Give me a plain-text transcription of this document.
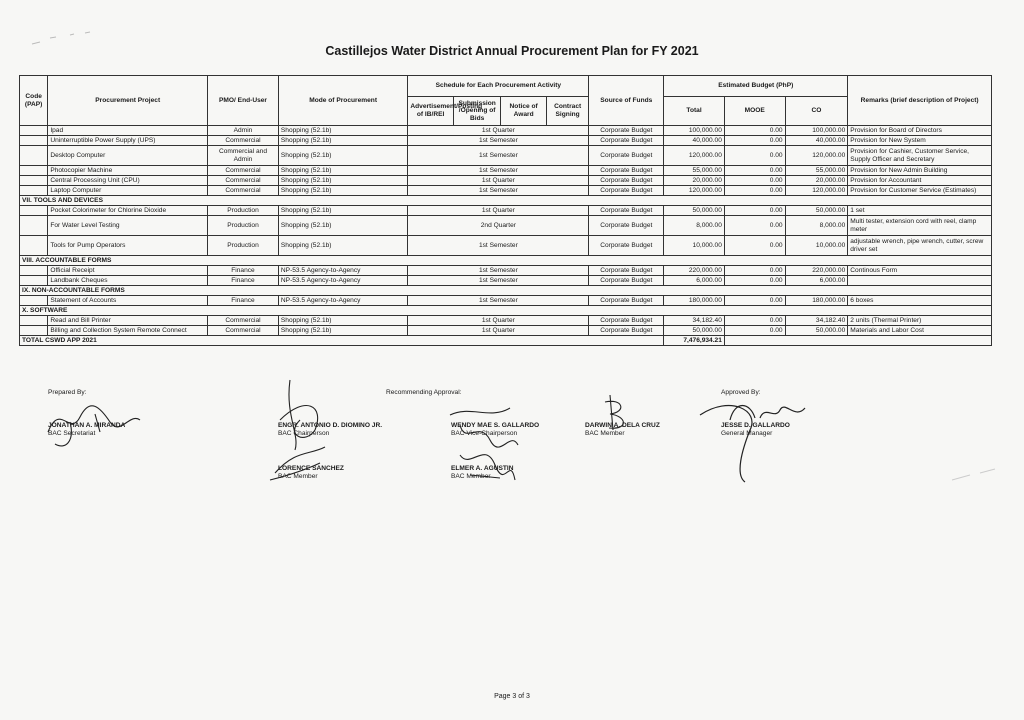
Castillejos Water District Annual Procurement Plan for FY 2021
Code (PAP)	Procurement Project	PMO/ End-User	Mode of Procurement	Schedule for Each Procurement Activity				Source of Funds	Estimated Budget (PhP)			Remarks (brief description of Project)
				Advertisement/Posting of IB/REI	Submission /Opening of Bids	Notice of Award	Contract Signing		Total	MOOE	CO	
	Ipad	Admin	Shopping (52.1b)	1st Quarter				Corporate Budget	100,000.00	0.00	100,000.00	Provision for Board of Directors
	Uninterruptible Power Supply (UPS)	Commercial	Shopping (52.1b)	1st Semester				Corporate Budget	40,000.00	0.00	40,000.00	Provision for New System
	Desktop Computer	Commercial and Admin	Shopping (52.1b)	1st Semester				Corporate Budget	120,000.00	0.00	120,000.00	Provision for Cashier, Customer Service, Supply Officer and Secretary
	Photocopier Machine	Commercial	Shopping (52.1b)	1st Semester				Corporate Budget	55,000.00	0.00	55,000.00	Provision for New Admin Building
	Central Processing Unit (CPU)	Commercial	Shopping (52.1b)	1st Quarter				Corporate Budget	20,000.00	0.00	20,000.00	Provision for Accountant
	Laptop Computer	Commercial	Shopping (52.1b)	1st Semester				Corporate Budget	120,000.00	0.00	120,000.00	Provision for Customer Service (Estimates)
VII. TOOLS AND DEVICES												
	Pocket Colorimeter for Chlorine Dioxide	Production	Shopping (52.1b)	1st Quarter				Corporate Budget	50,000.00	0.00	50,000.00	1 set
	For Water Level Testing	Production	Shopping (52.1b)	2nd Quarter				Corporate Budget	8,000.00	0.00	8,000.00	Multi tester, extension cord with reel, clamp meter
	Tools for Pump Operators	Production	Shopping (52.1b)	1st Semester				Corporate Budget	10,000.00	0.00	10,000.00	adjustable wrench, pipe wrench, cutter, screw driver set
VIII. ACCOUNTABLE FORMS												
	Official Receipt	Finance	NP-53.5 Agency-to-Agency	1st Semester				Corporate Budget	220,000.00	0.00	220,000.00	Continous Form
	Landbank Cheques	Finance	NP-53.5 Agency-to-Agency	1st Semester				Corporate Budget	6,000.00	0.00	6,000.00	
IX. NON-ACCOUNTABLE FORMS												
	Statement of Accounts	Finance	NP-53.5 Agency-to-Agency	1st Semester				Corporate Budget	180,000.00	0.00	180,000.00	6 boxes
X. SOFTWARE												
	Read and Bill Printer	Commercial	Shopping (52.1b)	1st Quarter				Corporate Budget	34,182.40	0.00	34,182.40	2 units (Thermal Printer)
	Billing and Collection System Remote Connect	Commercial	Shopping (52.1b)	1st Quarter				Corporate Budget	50,000.00	0.00	50,000.00	Materials and Labor Cost
TOTAL CSWD APP 2021									7,476,934.21			
Prepared By:	Recommending Approval:	Approved By:
JONATHAN A. MIRANDA
BAC Secretariat
ENGR. ANTONIO D. DIOMINO JR.
BAC Chairperson
WENDY MAE S. GALLARDO
BAC Vice-Chairperson
DARWIN A. DELA CRUZ
BAC Member
JESSE D. GALLARDO
General Manager
LORENCE SANCHEZ
BAC Member
ELMER A. AGUSTIN
BAC Member
Page 3 of 3
